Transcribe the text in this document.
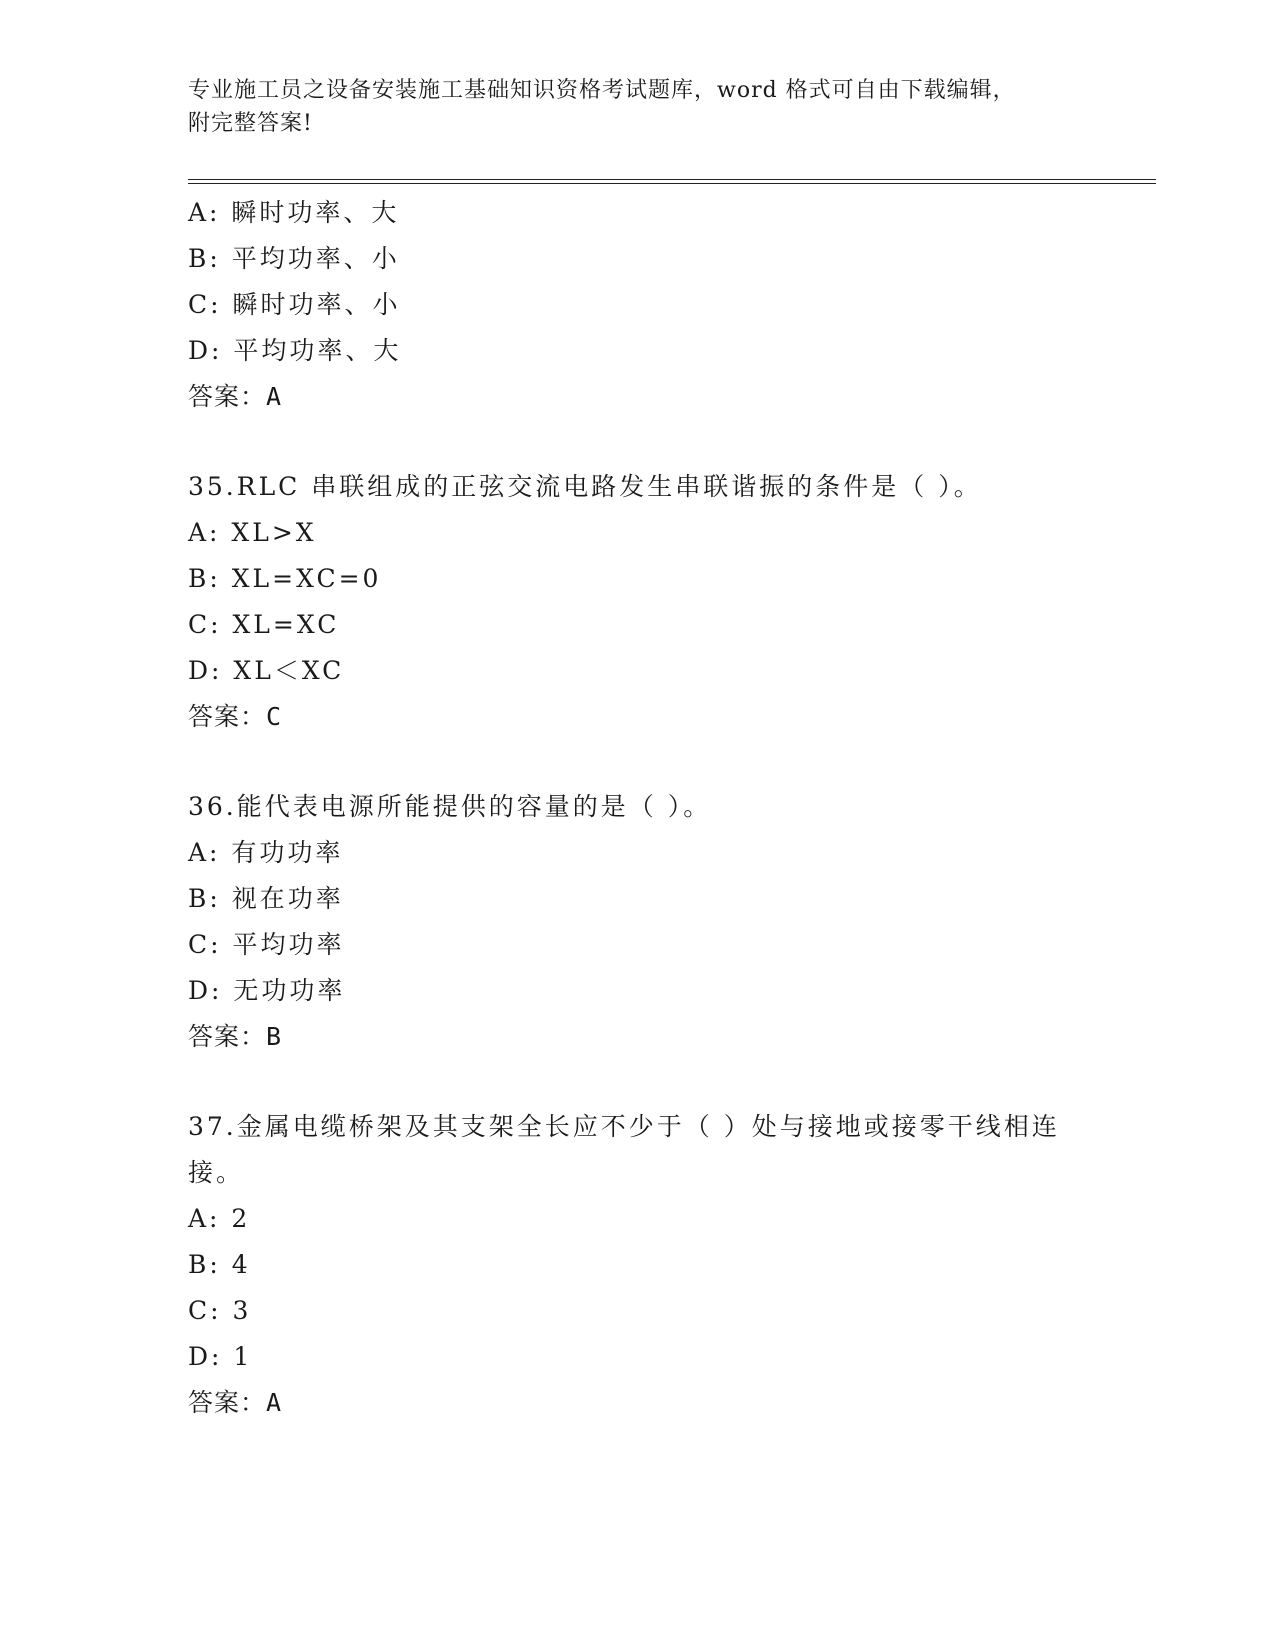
专业施工员之设备安装施工基础知识资格考试题库，word 格式可自由下载编辑，
附完整答案!
A: 瞬时功率、大
B: 平均功率、小
C: 瞬时功率、小
D: 平均功率、大
答案：A
35.RLC 串联组成的正弦交流电路发生串联谐振的条件是（ ）。
A: XL>X
B: XL=XC=0
C: XL=XC
D: XL＜XC
答案：C
36.能代表电源所能提供的容量的是（ ）。
A: 有功功率
B: 视在功率
C: 平均功率
D: 无功功率
答案：B
37.金属电缆桥架及其支架全长应不少于（ ）处与接地或接零干线相连接。
A: 2
B: 4
C: 3
D: 1
答案：A
